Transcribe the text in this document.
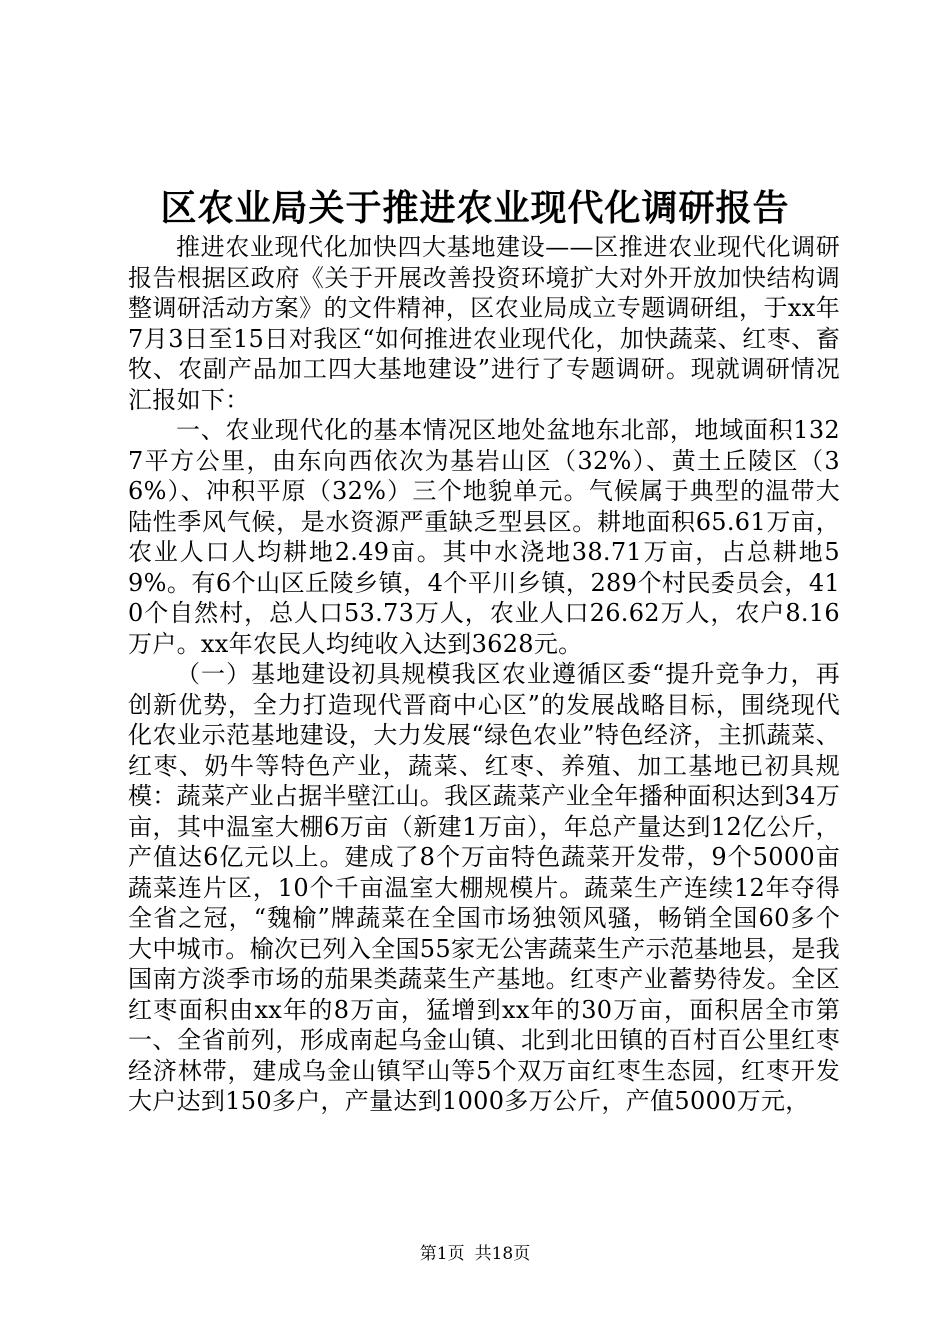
区农业局关于推进农业现代化调研报告

推进农业现代化加快四大基地建设——区推进农业现代化调研报告根据区政府《关于开展改善投资环境扩大对外开放加快结构调整调研活动方案》的文件精神，区农业局成立专题调研组，于xx年7月3日至15日对我区“如何推进农业现代化，加快蔬菜、红枣、畜牧、农副产品加工四大基地建设”进行了专题调研。现就调研情况汇报如下：

一、农业现代化的基本情况区地处盆地东北部，地域面积1327平方公里，由东向西依次为基岩山区（32%）、黄土丘陵区（36%）、冲积平原（32%）三个地貌单元。气候属于典型的温带大陆性季风气候，是水资源严重缺乏型县区。耕地面积65.61万亩，农业人口人均耕地2.49亩。其中水浇地38.71万亩，占总耕地59%。有6个山区丘陵乡镇，4个平川乡镇，289个村民委员会，410个自然村，总人口53.73万人，农业人口26.62万人，农户8.16万户。xx年农民人均纯收入达到3628元。

（一）基地建设初具规模我区农业遵循区委“提升竞争力，再创新优势，全力打造现代晋商中心区”的发展战略目标，围绕现代化农业示范基地建设，大力发展“绿色农业”特色经济，主抓蔬菜、红枣、奶牛等特色产业，蔬菜、红枣、养殖、加工基地已初具规模：蔬菜产业占据半壁江山。我区蔬菜产业全年播种面积达到34万亩，其中温室大棚6万亩（新建1万亩），年总产量达到12亿公斤，产值达6亿元以上。建成了8个万亩特色蔬菜开发带，9个5000亩蔬菜连片区，10个千亩温室大棚规模片。蔬菜生产连续12年夺得全省之冠，“魏榆”牌蔬菜在全国市场独领风骚，畅销全国60多个大中城市。榆次已列入全国55家无公害蔬菜生产示范基地县，是我国南方淡季市场的茄果类蔬菜生产基地。红枣产业蓄势待发。全区红枣面积由xx年的8万亩，猛增到xx年的30万亩，面积居全市第一、全省前列，形成南起乌金山镇、北到北田镇的百村百公里红枣经济林带，建成乌金山镇罕山等5个双万亩红枣生态园，红枣开发大户达到150多户，产量达到1000多万公斤，产值5000万元，

第1页 共18页
